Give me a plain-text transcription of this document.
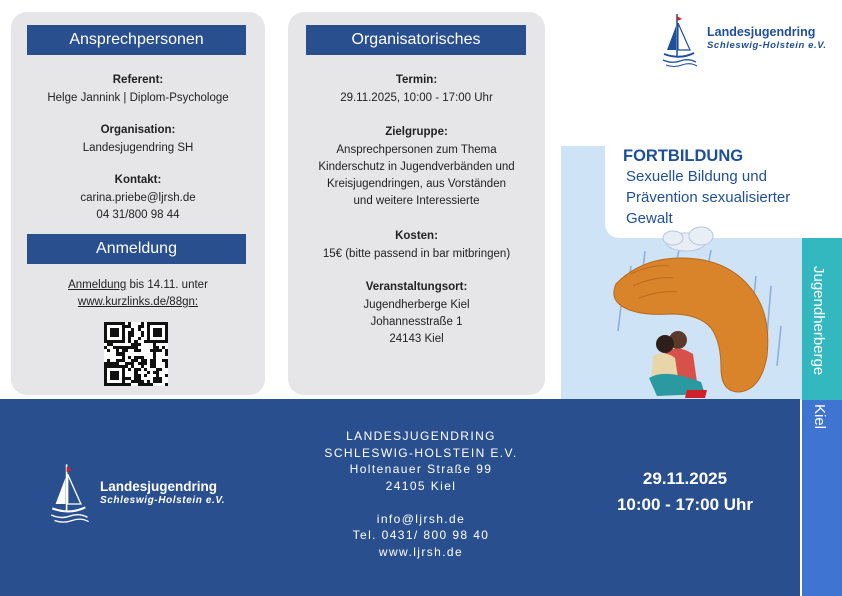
Ansprechpersonen
Referent:
Helge Jannink | Diplom-Psychologe
Organisation:
Landesjugendring SH
Kontakt:
carina.priebe@ljrsh.de
04 31/800 98 44
Anmeldung
Anmeldung bis 14.11. unter
www.kurzlinks.de/88gn:
Organisatorisches
Termin:
29.11.2025, 10:00 - 17:00 Uhr
Zielgruppe:
Ansprechpersonen zum Thema
Kinderschutz in Jugendverbänden und
Kreisjugendringen, aus Vorständen
und weitere Interessierte
Kosten:
15€ (bitte passend in bar mitbringen)
Veranstaltungsort:
Jugendherberge Kiel
Johannesstraße 1
24143 Kiel
Landesjugendring
Schleswig-Holstein e.V.
FORTBILDUNG
Sexuelle Bildung und
Prävention sexualisierter
Gewalt
Jugendherberge
Kiel
Landesjugendring
Schleswig-Holstein e.V.
LANDESJUGENDRING
SCHLESWIG-HOLSTEIN E.V.
Holtenauer Straße 99
24105 Kiel

info@ljrsh.de
Tel. 0431/ 800 98 40
www.ljrsh.de
29.11.2025
10:00 - 17:00 Uhr
